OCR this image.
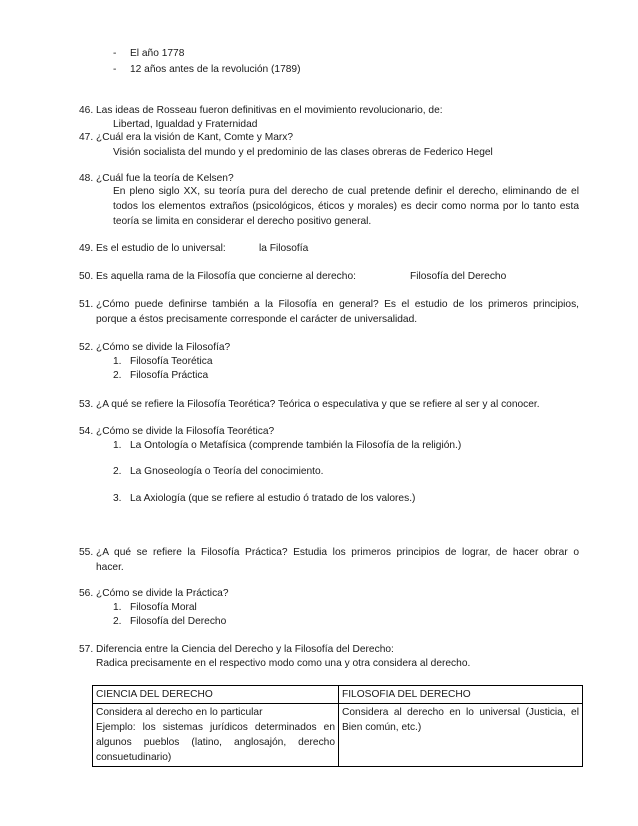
- El año 1778
- 12 años antes de la revolución (1789)
46. Las ideas de Rosseau fueron definitivas en el movimiento revolucionario, de:
Libertad, Igualdad y Fraternidad
47. ¿Cuál era la visión de Kant, Comte y Marx?
Visión socialista del mundo y el predominio de las clases obreras de Federico Hegel
48. ¿Cuál fue la teoría de Kelsen?
En pleno siglo XX, su teoría pura del derecho de cual pretende definir el derecho, eliminando de el
todos los elementos extraños (psicológicos, éticos y morales) es decir como norma por lo tanto esta
teoría se limita en considerar el derecho positivo general.
49. Es el estudio de lo universal:	la Filosofía
50. Es aquella rama de la Filosofía que concierne al derecho:	Filosofía del Derecho
51. ¿Cómo puede definirse también a la Filosofía en general? Es el estudio de los primeros principios,
porque a éstos precisamente corresponde el carácter de universalidad.
52. ¿Cómo se divide la Filosofía?
1. Filosofía Teorética
2. Filosofía Práctica
53. ¿A qué se refiere la Filosofía Teorética? Teórica o especulativa y que se refiere al ser y al conocer.
54. ¿Cómo se divide la Filosofía Teorética?
1. La Ontología o Metafísica (comprende también la Filosofía de la religión.)
2. La Gnoseología o Teoría del conocimiento.
3. La Axiología (que se refiere al estudio ó tratado de los valores.)
55. ¿A qué se refiere la Filosofía Práctica? Estudia los primeros principios de lograr, de hacer obrar o
hacer.
56. ¿Cómo se divide la Práctica?
1. Filosofía Moral
2. Filosofía del Derecho
57. Diferencia entre la Ciencia del Derecho y la Filosofía del Derecho:
Radica precisamente en el respectivo modo como una y otra considera al derecho.
CIENCIA DEL DERECHO	FILOSOFIA DEL DERECHO

Considera al derecho en lo particular
Ejemplo: los sistemas jurídicos determinados en algunos pueblos (latino, anglosajón, derecho consuetudinario)	Considera al derecho en lo universal (Justicia, el Bien común, etc.)
